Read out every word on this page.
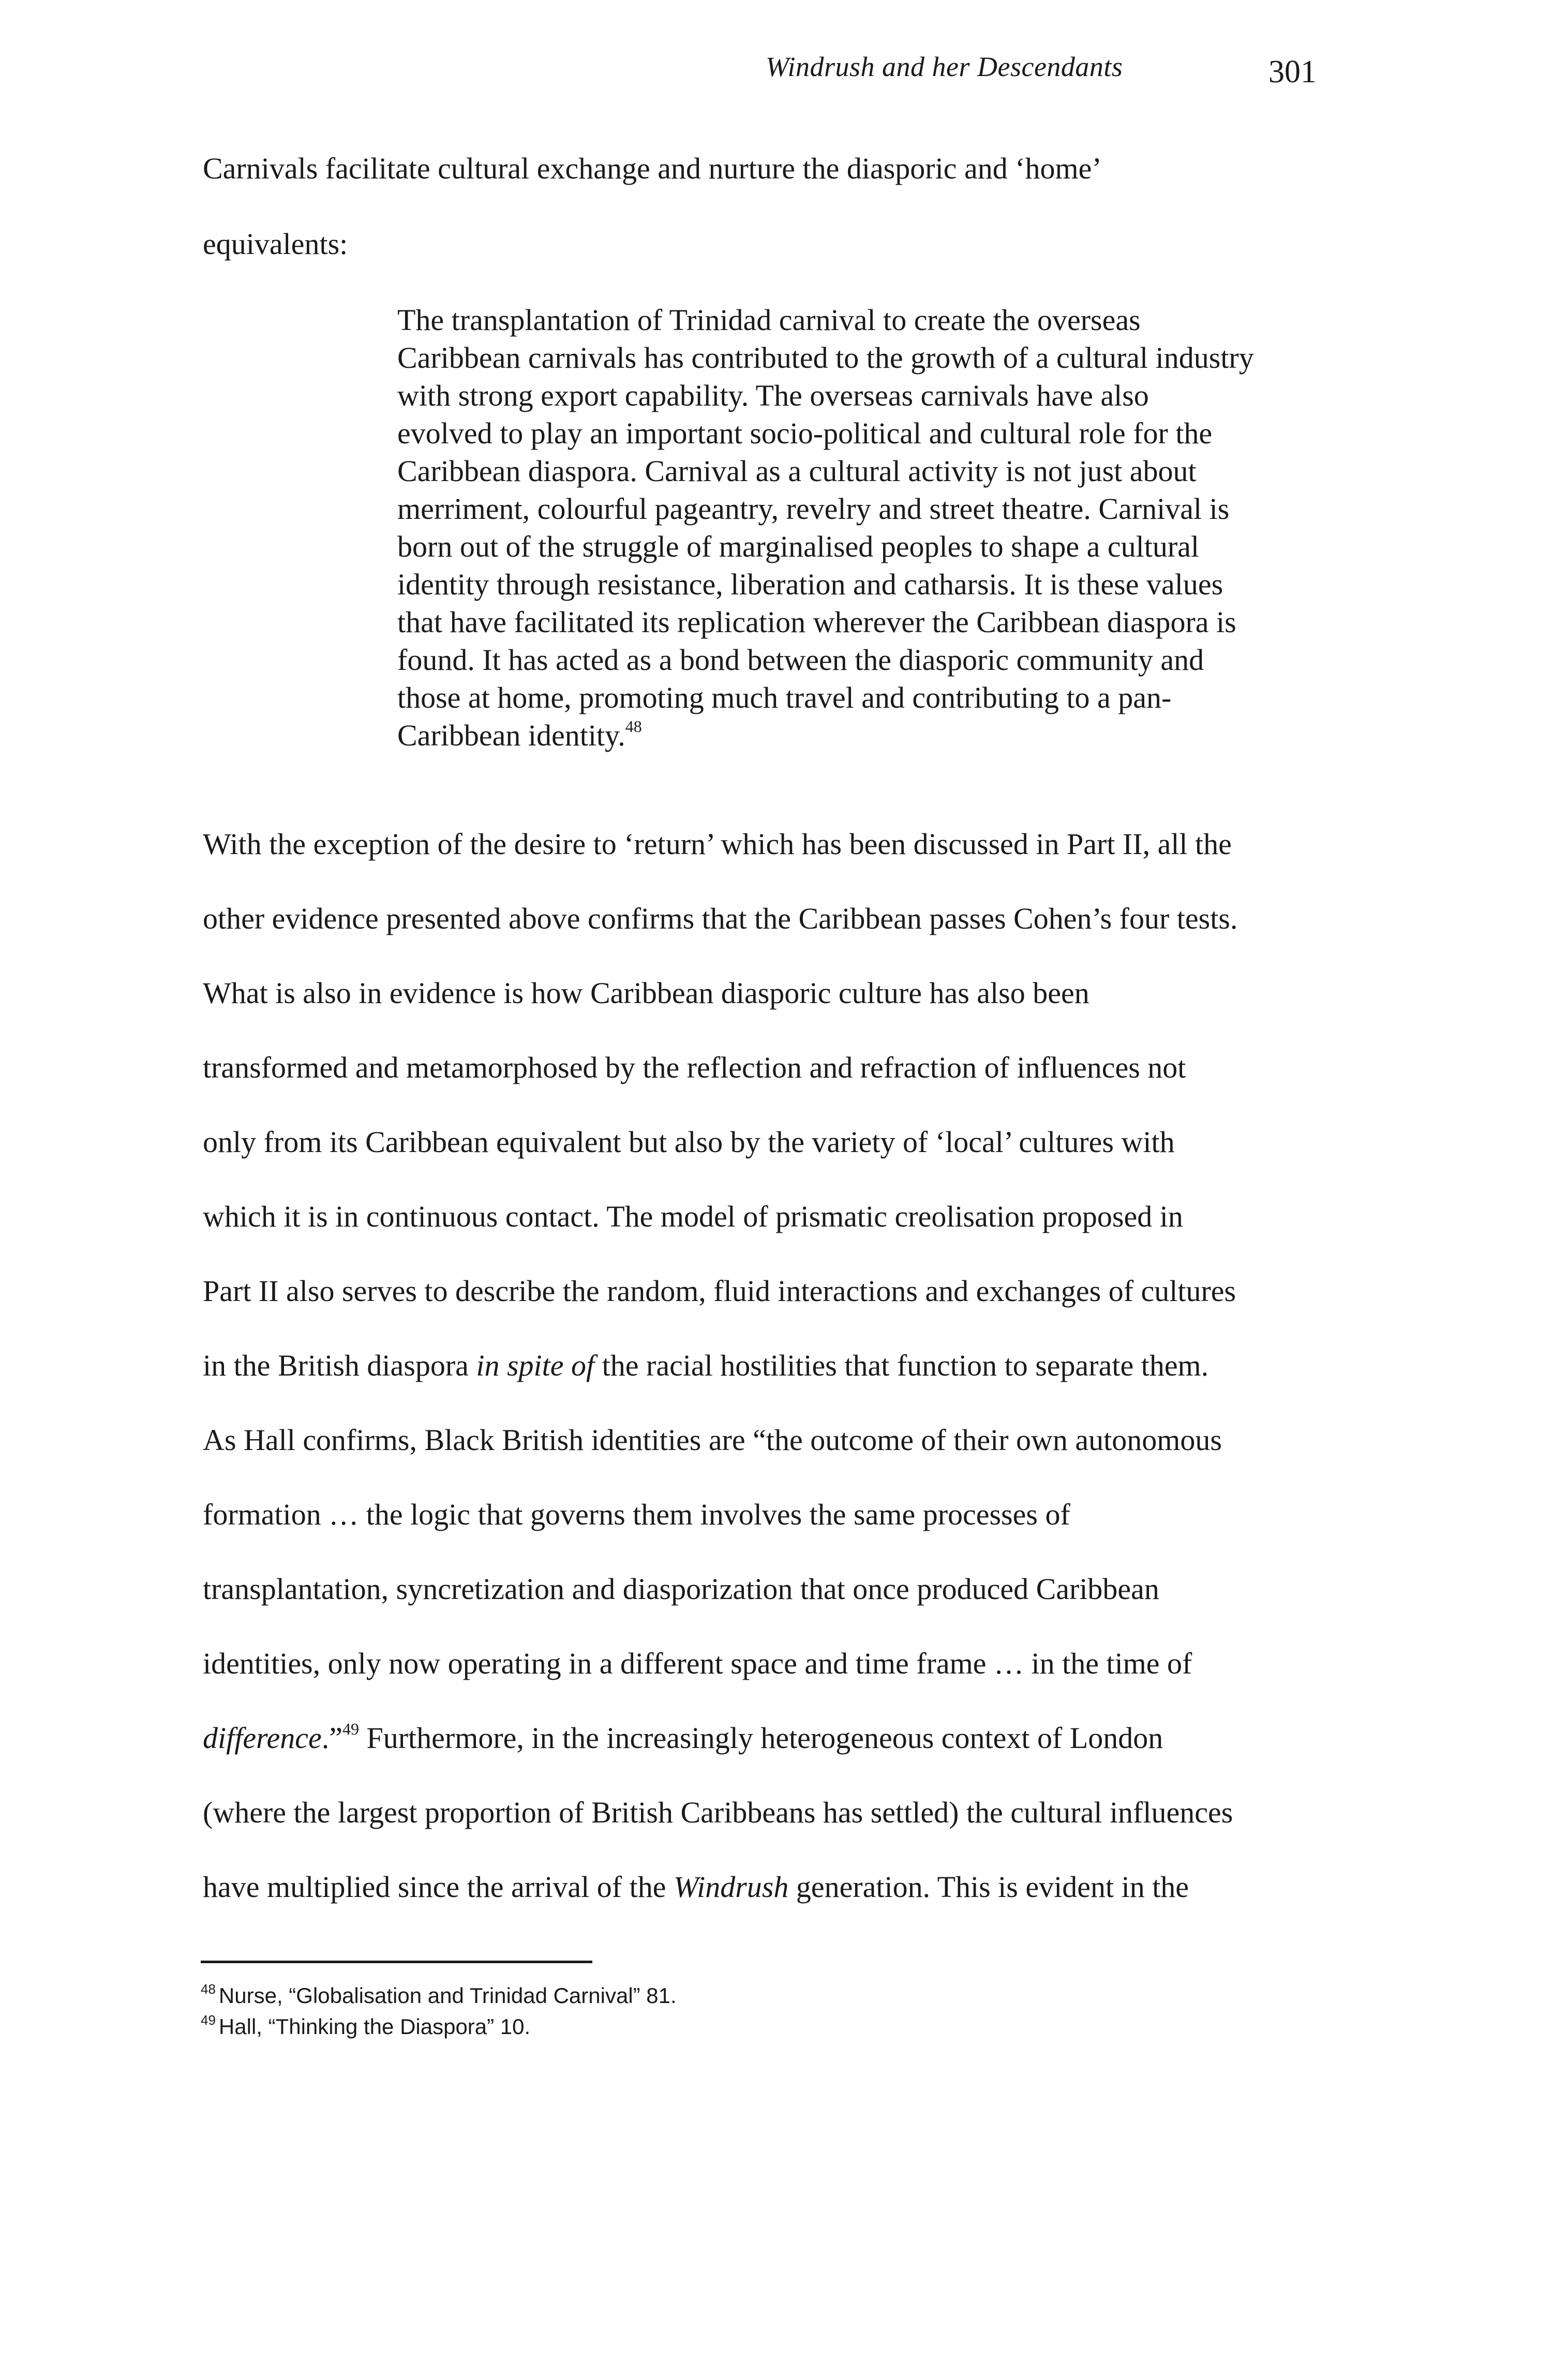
Windrush and her Descendants	301
Carnivals facilitate cultural exchange and nurture the diasporic and ‘home’
equivalents:
The transplantation of Trinidad carnival to create the overseas
Caribbean carnivals has contributed to the growth of a cultural industry
with strong export capability. The overseas carnivals have also
evolved to play an important socio-political and cultural role for the
Caribbean diaspora. Carnival as a cultural activity is not just about
merriment, colourful pageantry, revelry and street theatre. Carnival is
born out of the struggle of marginalised peoples to shape a cultural
identity through resistance, liberation and catharsis. It is these values
that have facilitated its replication wherever the Caribbean diaspora is
found. It has acted as a bond between the diasporic community and
those at home, promoting much travel and contributing to a pan-
Caribbean identity.$^{48}$
With the exception of the desire to ‘return’ which has been discussed in Part II, all the
other evidence presented above confirms that the Caribbean passes Cohen’s four tests.
What is also in evidence is how Caribbean diasporic culture has also been
transformed and metamorphosed by the reflection and refraction of influences not
only from its Caribbean equivalent but also by the variety of ‘local’ cultures with
which it is in continuous contact. The model of prismatic creolisation proposed in
Part II also serves to describe the random, fluid interactions and exchanges of cultures
in the British diaspora in spite of the racial hostilities that function to separate them.
As Hall confirms, Black British identities are “the outcome of their own autonomous
formation … the logic that governs them involves the same processes of
transplantation, syncretization and diasporization that once produced Caribbean
identities, only now operating in a different space and time frame … in the time of
difference.”$^{49}$ Furthermore, in the increasingly heterogeneous context of London
(where the largest proportion of British Caribbeans has settled) the cultural influences
have multiplied since the arrival of the Windrush generation. This is evident in the
$^{48}$ Nurse, “Globalisation and Trinidad Carnival” 81.
$^{49}$ Hall, “Thinking the Diaspora” 10.
